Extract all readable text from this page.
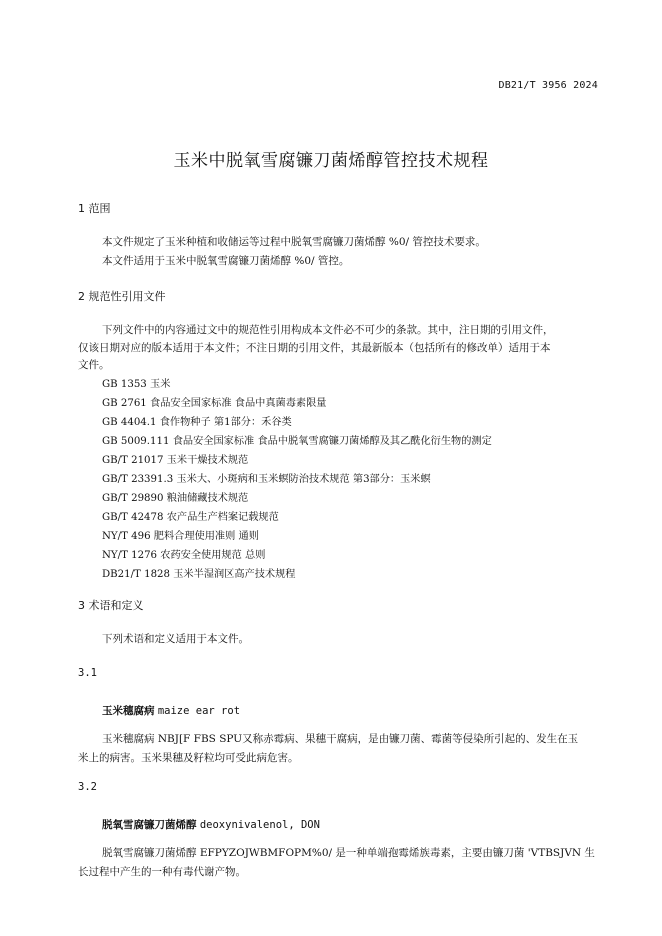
DB21/T 3956 2024
玉米中脱氧雪腐镰刀菌烯醇管控技术规程
1 范围
本文件规定了玉米种植和收储运等过程中脱氧雪腐镰刀菌烯醇 %0/ 管控技术要求。
本文件适用于玉米中脱氧雪腐镰刀菌烯醇 %0/ 管控。
2 规范性引用文件
下列文件中的内容通过文中的规范性引用构成本文件必不可少的条款。其中，注日期的引用文件，
仅该日期对应的版本适用于本文件；不注日期的引用文件，其最新版本（包括所有的修改单）适用于本
文件。
GB 1353 玉米
GB 2761 食品安全国家标准 食品中真菌毒素限量
GB 4404.1 食作物种子 第1部分：禾谷类
GB 5009.111 食品安全国家标准 食品中脱氧雪腐镰刀菌烯醇及其乙酰化衍生物的测定
GB/T 21017 玉米干燥技术规范
GB/T 23391.3 玉米大、小斑病和玉米螟防治技术规范 第3部分：玉米螟
GB/T 29890 粮油储藏技术规范
GB/T 42478 农产品生产档案记载规范
NY/T 496 肥料合理使用准则 通则
NY/T 1276 农药安全使用规范 总则
DB21/T 1828 玉米半湿润区高产技术规程
3 术语和定义
下列术语和定义适用于本文件。
3.1
玉米穗腐病 maize ear rot
玉米穗腐病 NBJ[F FBS SPU又称赤霉病、果穗干腐病，是由镰刀菌、霉菌等侵染所引起的、发生在玉
米上的病害。玉米果穗及籽粒均可受此病危害。
3.2
脱氧雪腐镰刀菌烯醇 deoxynivalenol, DON
脱氧雪腐镰刀菌烯醇 EFPYZOJWBMFOPM%0/ 是一种单端孢霉烯族毒素，主要由镰刀菌 'VTBSJVN 生
长过程中产生的一种有毒代谢产物。
